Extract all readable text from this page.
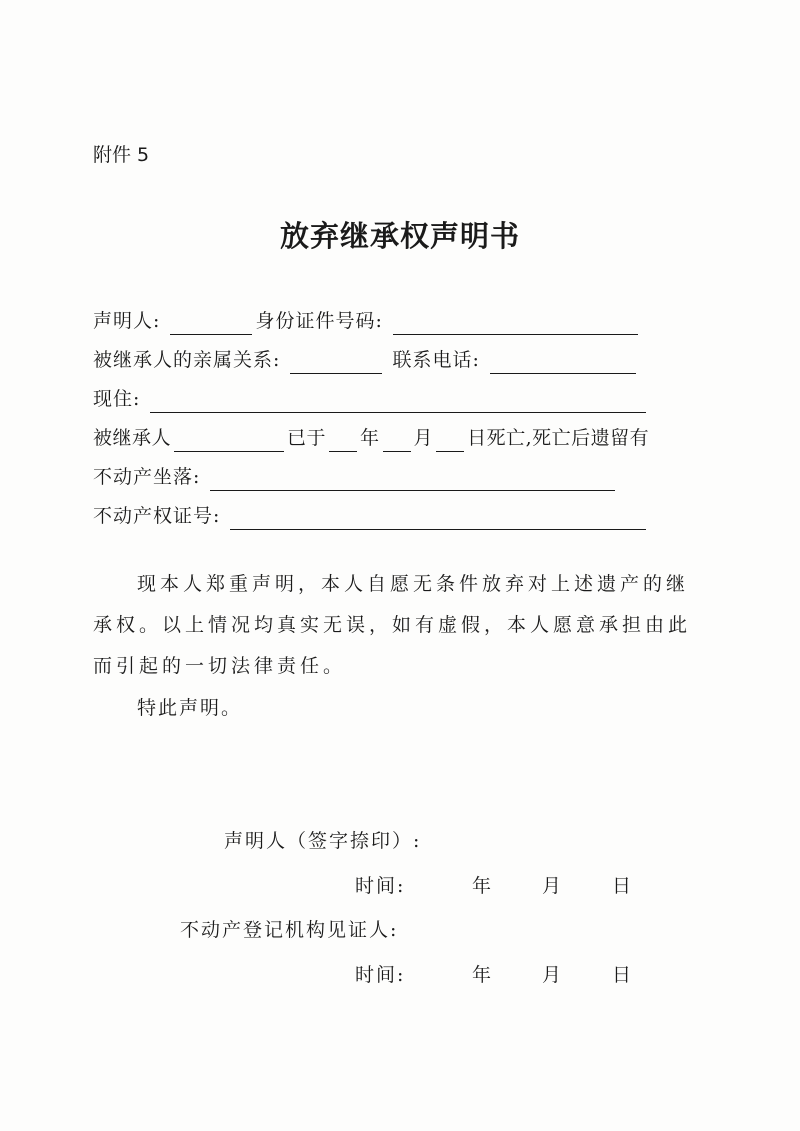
附件 5
放弃继承权声明书
声明人:	身份证件号码:
被继承人的亲属关系:	联系电话:
现住:
被继承人	已于 年 月 日死亡,死亡后遗留有
不动产坐落:
不动产权证号:
现本人郑重声明，本人自愿无条件放弃对上述遗产的继承权。以上情况均真实无误，如有虚假，本人愿意承担由此而引起的一切法律责任。
特此声明。
声明人（签字捺印）:
时间:	年	月	日
不动产登记机构见证人:
时间:	年	月	日
